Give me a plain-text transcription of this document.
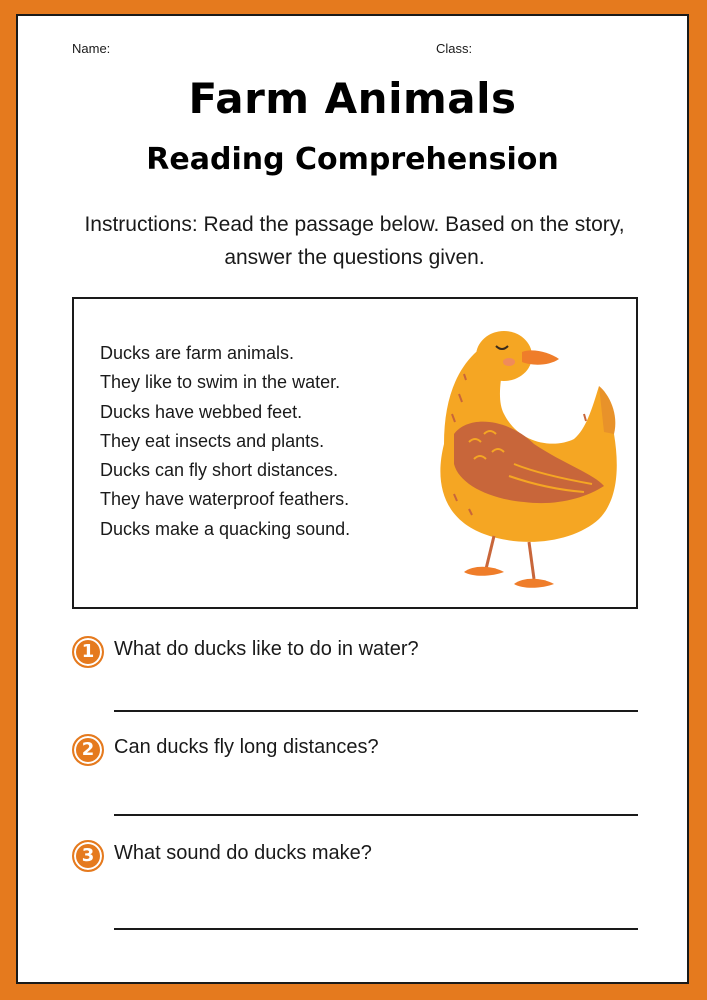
Name:	Class:
Farm Animals
Reading Comprehension
Instructions: Read the passage below. Based on the story, answer the questions given.
Ducks are farm animals.
They like to swim in the water.
Ducks have webbed feet.
They eat insects and plants.
Ducks can fly short distances.
They have waterproof feathers.
Ducks make a quacking sound.
1 What do ducks like to do in water?
2 Can ducks fly long distances?
3 What sound do ducks make?
